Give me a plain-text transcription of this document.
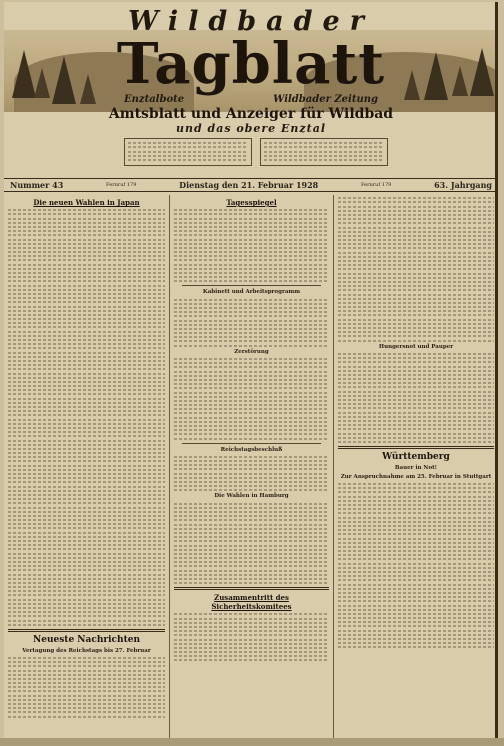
Wildbader
Tagblatt
Enztalbote	Wildbader Zeitung
Amtsblatt und Anzeiger für Wildbad
und das obere Enztal
Nummer 43	Fernruf 179	Dienstag den 21. Februar 1928	Fernruf 179	63. Jahrgang
Die neuen Wahlen in Japan
Neueste Nachrichten
Vertagung des Reichstags bis 27. Februar
Tagesspiegel
Kabinett und Arbeitsprogramm
Zerstörung
Reichstagsbeschluß
Die Wahlen in Hamburg
Zusammentritt des Sicherheitskomitees
Hungersnot und Pauper
Württemberg
Bauer in Not!
Zur Anspruchnahme am 25. Februar in Stuttgart
